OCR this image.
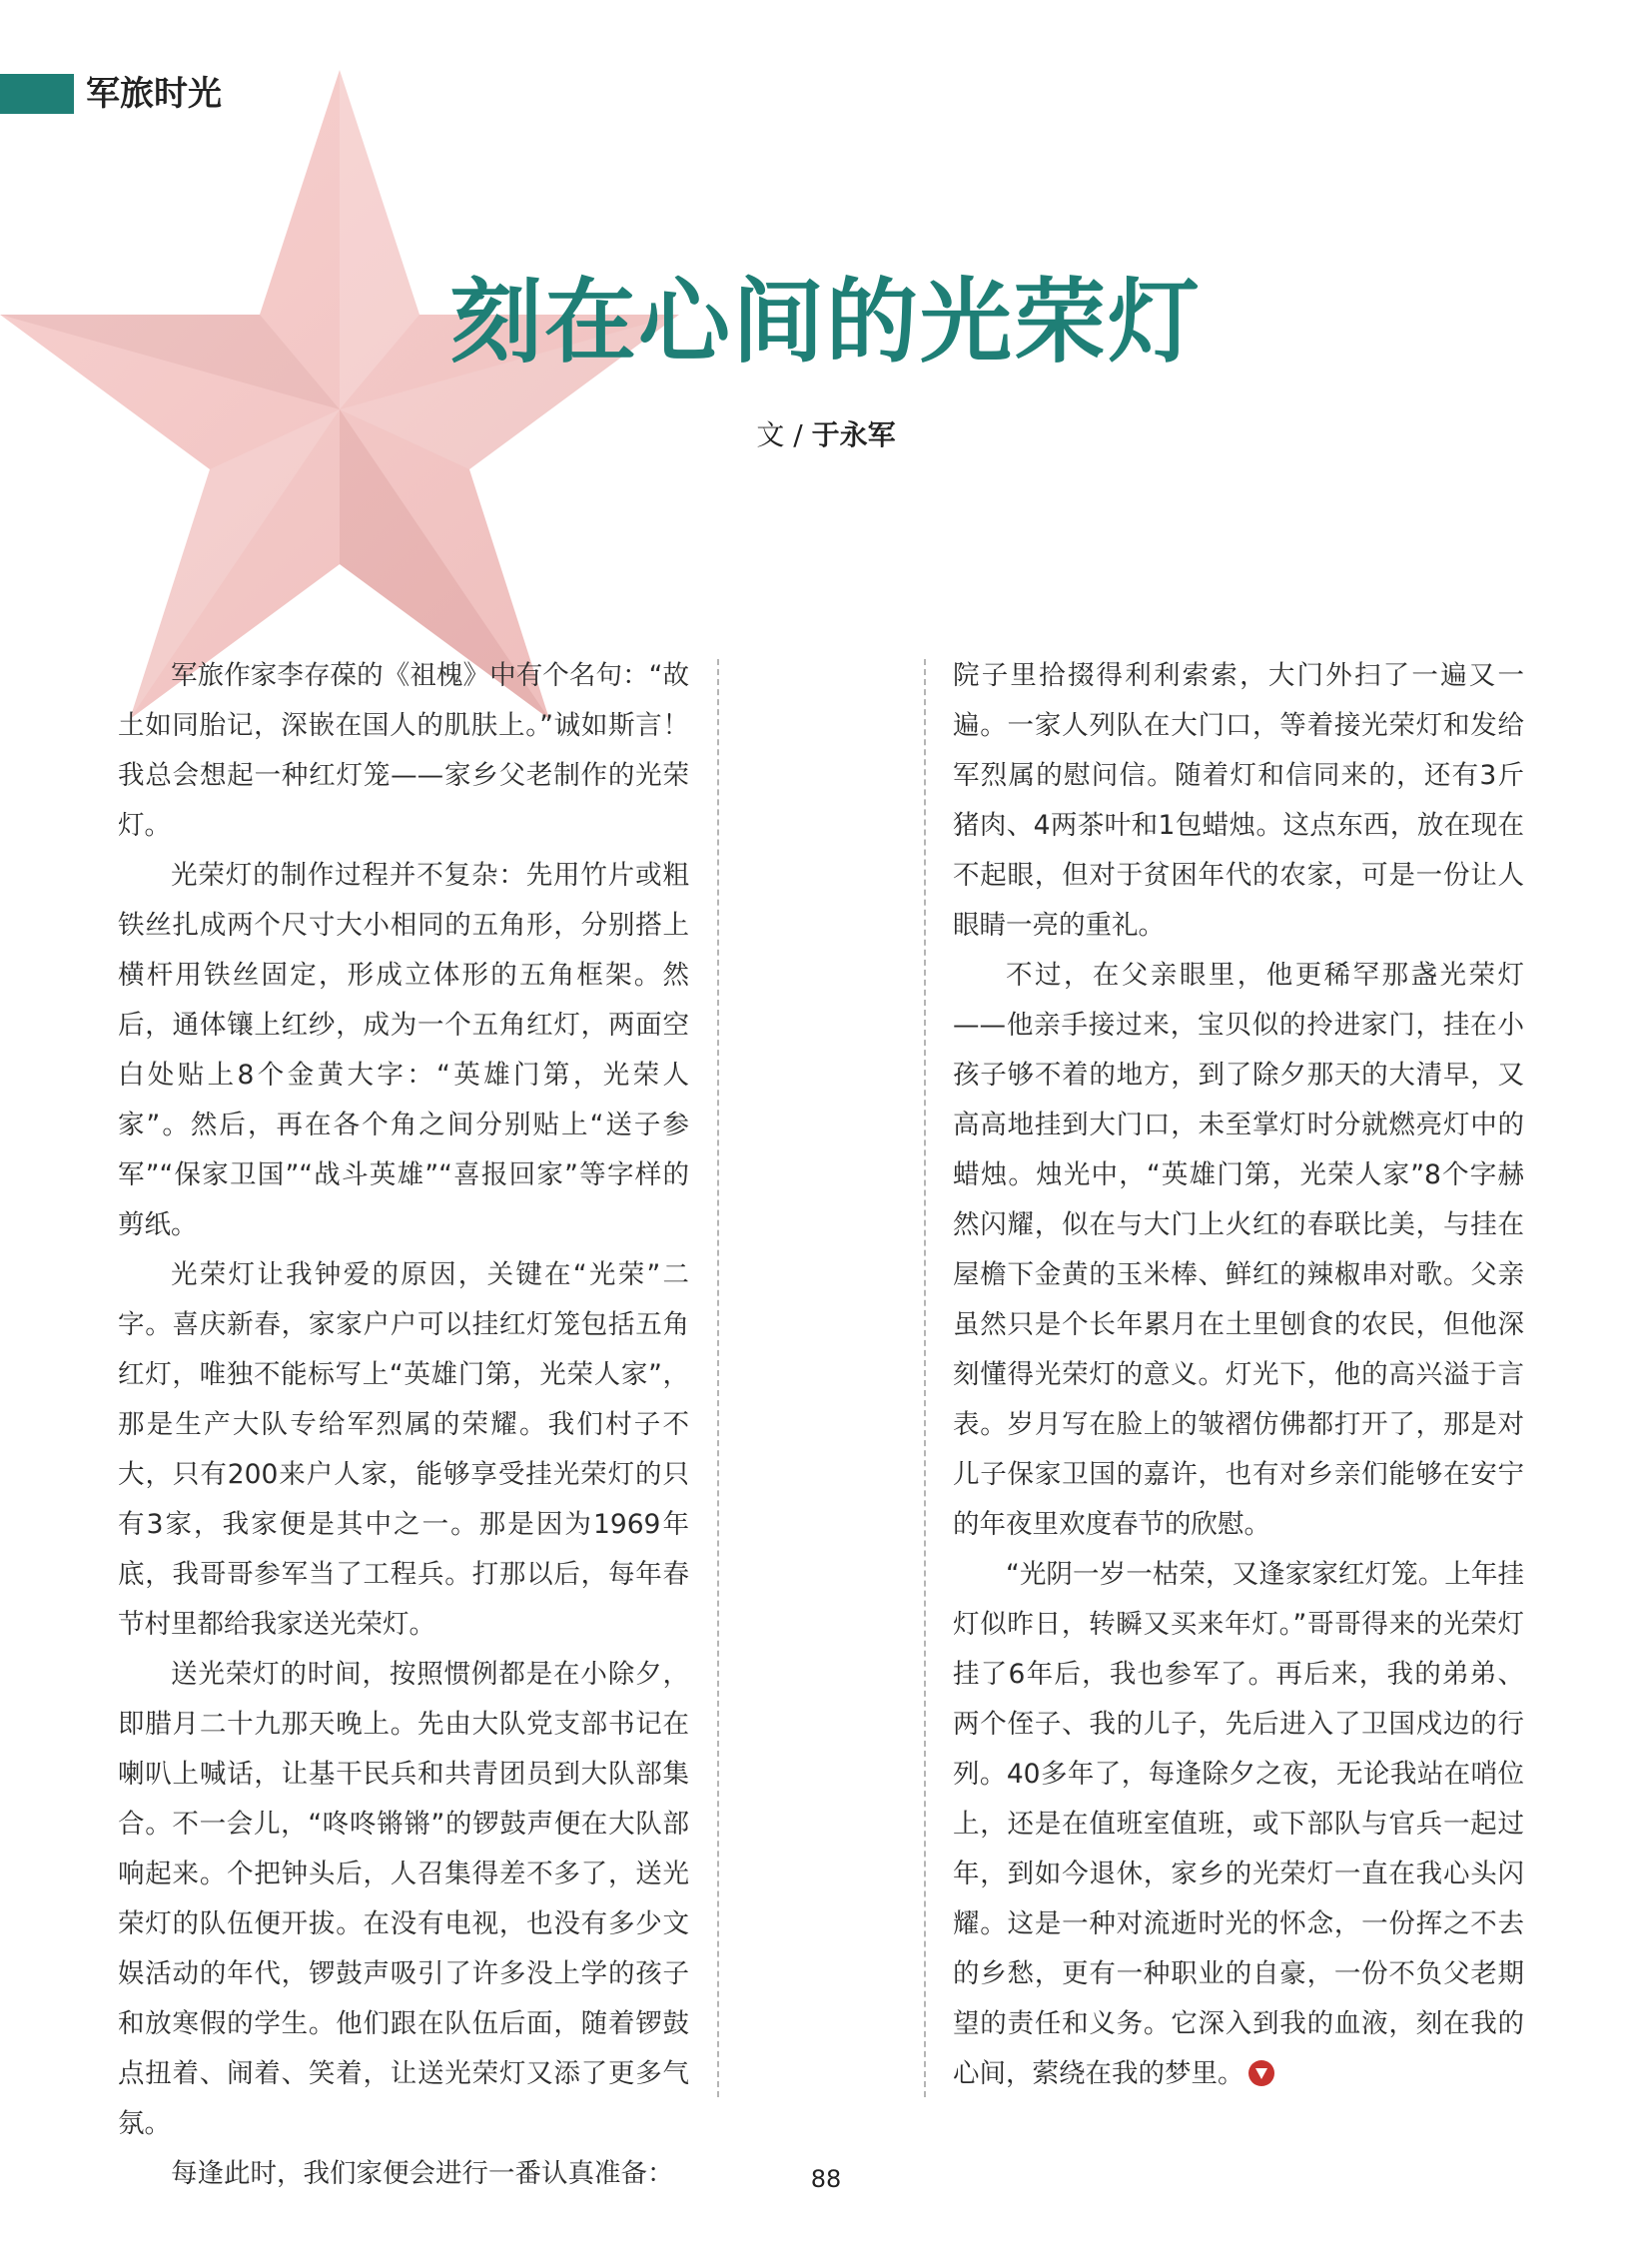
军旅时光
刻在心间的光荣灯
文 / 于永军

军旅作家李存葆的《祖槐》中有个名句：“故土如同胎记，深嵌在国人的肌肤上。”诚如斯言！我总会想起一种红灯笼——家乡父老制作的光荣灯。

光荣灯的制作过程并不复杂：先用竹片或粗铁丝扎成两个尺寸大小相同的五角形，分别搭上横杆用铁丝固定，形成立体形的五角框架。然后，通体镶上红纱，成为一个五角红灯，两面空白处贴上8个金黄大字：“英雄门第，光荣人家”。然后，再在各个角之间分别贴上“送子参军”“保家卫国”“战斗英雄”“喜报回家”等字样的剪纸。

光荣灯让我钟爱的原因，关键在“光荣”二字。喜庆新春，家家户户可以挂红灯笼包括五角红灯，唯独不能标写上“英雄门第，光荣人家”，那是生产大队专给军烈属的荣耀。我们村子不大，只有200来户人家，能够享受挂光荣灯的只有3家，我家便是其中之一。那是因为1969年底，我哥哥参军当了工程兵。打那以后，每年春节村里都给我家送光荣灯。

送光荣灯的时间，按照惯例都是在小除夕，即腊月二十九那天晚上。先由大队党支部书记在喇叭上喊话，让基干民兵和共青团员到大队部集合。不一会儿，“咚咚锵锵”的锣鼓声便在大队部响起来。个把钟头后，人召集得差不多了，送光荣灯的队伍便开拔。在没有电视，也没有多少文娱活动的年代，锣鼓声吸引了许多没上学的孩子和放寒假的学生。他们跟在队伍后面，随着锣鼓点扭着、闹着、笑着，让送光荣灯又添了更多气氛。

每逢此时，我们家便会进行一番认真准备：

院子里拾掇得利利索索，大门外扫了一遍又一遍。一家人列队在大门口，等着接光荣灯和发给军烈属的慰问信。随着灯和信同来的，还有3斤猪肉、4两茶叶和1包蜡烛。这点东西，放在现在不起眼，但对于贫困年代的农家，可是一份让人眼睛一亮的重礼。

不过，在父亲眼里，他更稀罕那盏光荣灯——他亲手接过来，宝贝似的拎进家门，挂在小孩子够不着的地方，到了除夕那天的大清早，又高高地挂到大门口，未至掌灯时分就燃亮灯中的蜡烛。烛光中，“英雄门第，光荣人家”8个字赫然闪耀，似在与大门上火红的春联比美，与挂在屋檐下金黄的玉米棒、鲜红的辣椒串对歌。父亲虽然只是个长年累月在土里刨食的农民，但他深刻懂得光荣灯的意义。灯光下，他的高兴溢于言表。岁月写在脸上的皱褶仿佛都打开了，那是对儿子保家卫国的嘉许，也有对乡亲们能够在安宁的年夜里欢度春节的欣慰。

“光阴一岁一枯荣，又逢家家红灯笼。上年挂灯似昨日，转瞬又买来年灯。”哥哥得来的光荣灯挂了6年后，我也参军了。再后来，我的弟弟、两个侄子、我的儿子，先后进入了卫国戍边的行列。40多年了，每逢除夕之夜，无论我站在哨位上，还是在值班室值班，或下部队与官兵一起过年，到如今退休，家乡的光荣灯一直在我心头闪耀。这是一种对流逝时光的怀念，一份挥之不去的乡愁，更有一种职业的自豪，一份不负父老期望的责任和义务。它深入到我的血液，刻在我的心间，萦绕在我的梦里。

88
